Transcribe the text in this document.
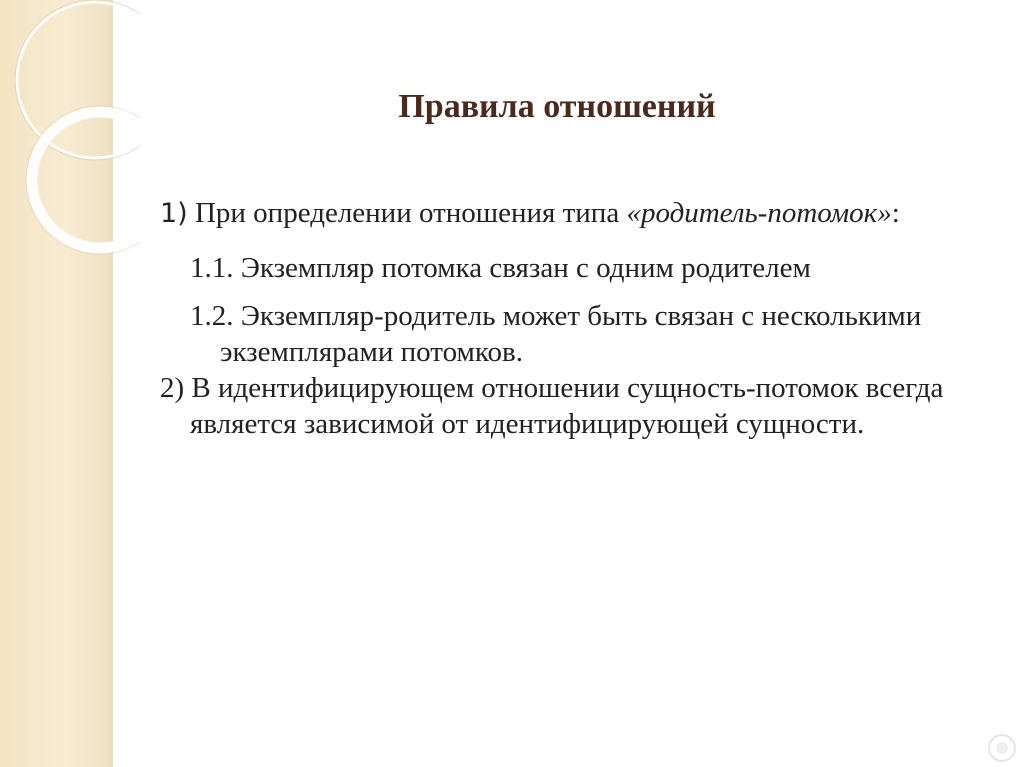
Правила отношений

1) При определении отношения типа «родитель-потомок»:

1.1. Экземпляр потомка связан с одним родителем

1.2. Экземпляр-родитель может быть связан с несколькими экземплярами потомков.

2) В идентифицирующем отношении сущность-потомок всегда является зависимой от идентифицирующей сущности.
